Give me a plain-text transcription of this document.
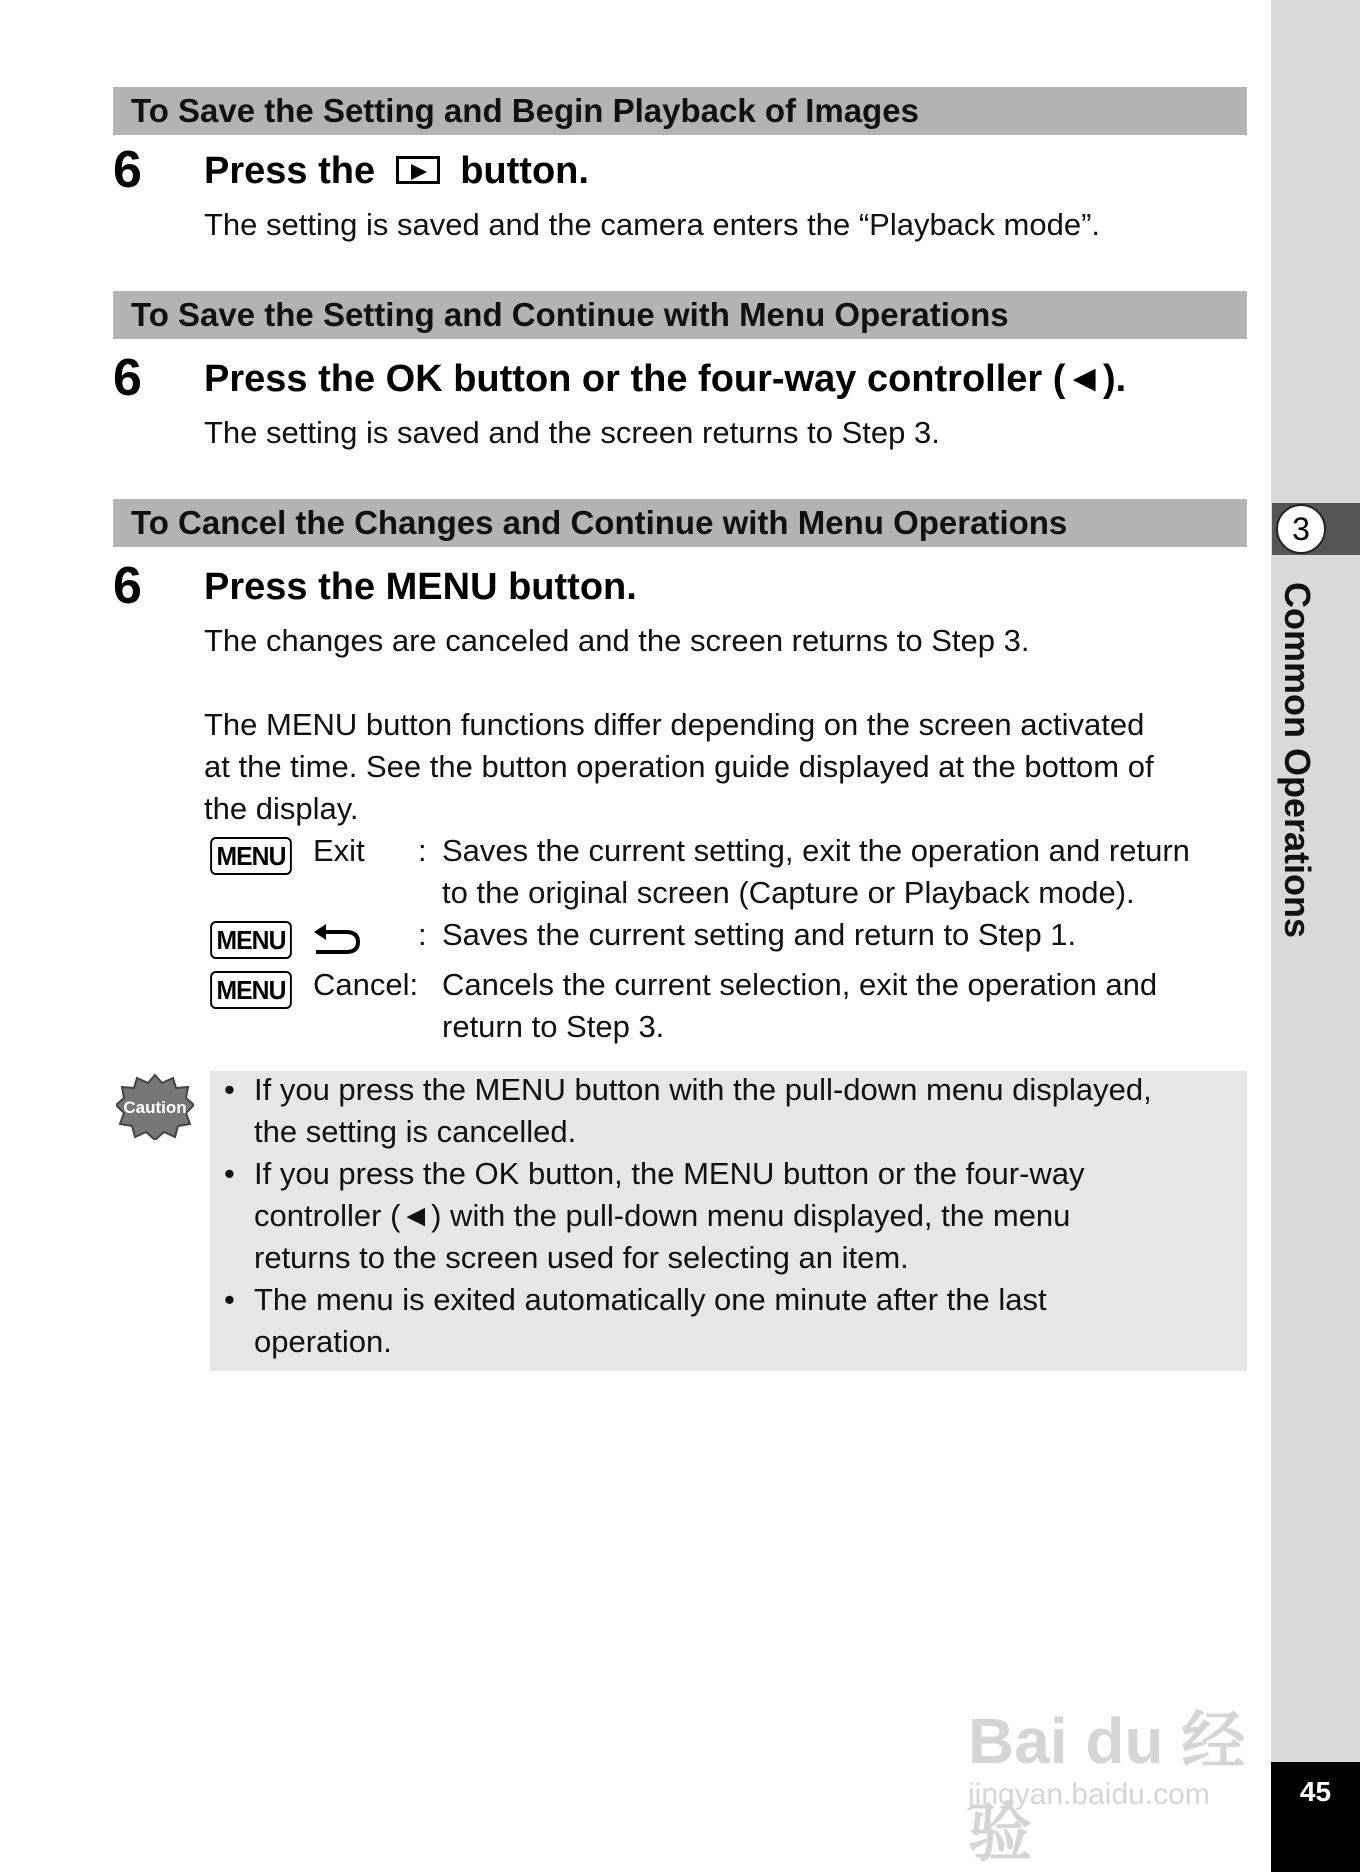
3
Common Operations
45
To Save the Setting and Begin Playback of Images
6 Press the button.
The setting is saved and the camera enters the “Playback mode”.
To Save the Setting and Continue with Menu Operations
6 Press the OK button or the four-way controller (◄).
The setting is saved and the screen returns to Step 3.
To Cancel the Changes and Continue with Menu Operations
6 Press the MENU button.
The changes are canceled and the screen returns to Step 3.
The MENU button functions differ depending on the screen activated
at the time. See the button operation guide displayed at the bottom of
the display.
MENU Exit : Saves the current setting, exit the operation and return
to the original screen (Capture or Playback mode).
MENU	: Saves the current setting and return to Step 1.
MENU Cancel: Cancels the current selection, exit the operation and
return to Step 3.
Caution
• If you press the MENU button with the pull-down menu displayed,
the setting is cancelled.
• If you press the OK button, the MENU button or the four-way
controller (◄) with the pull-down menu displayed, the menu
returns to the screen used for selecting an item.
• The menu is exited automatically one minute after the last
operation.
Bai du 经验
jingyan.baidu.com
